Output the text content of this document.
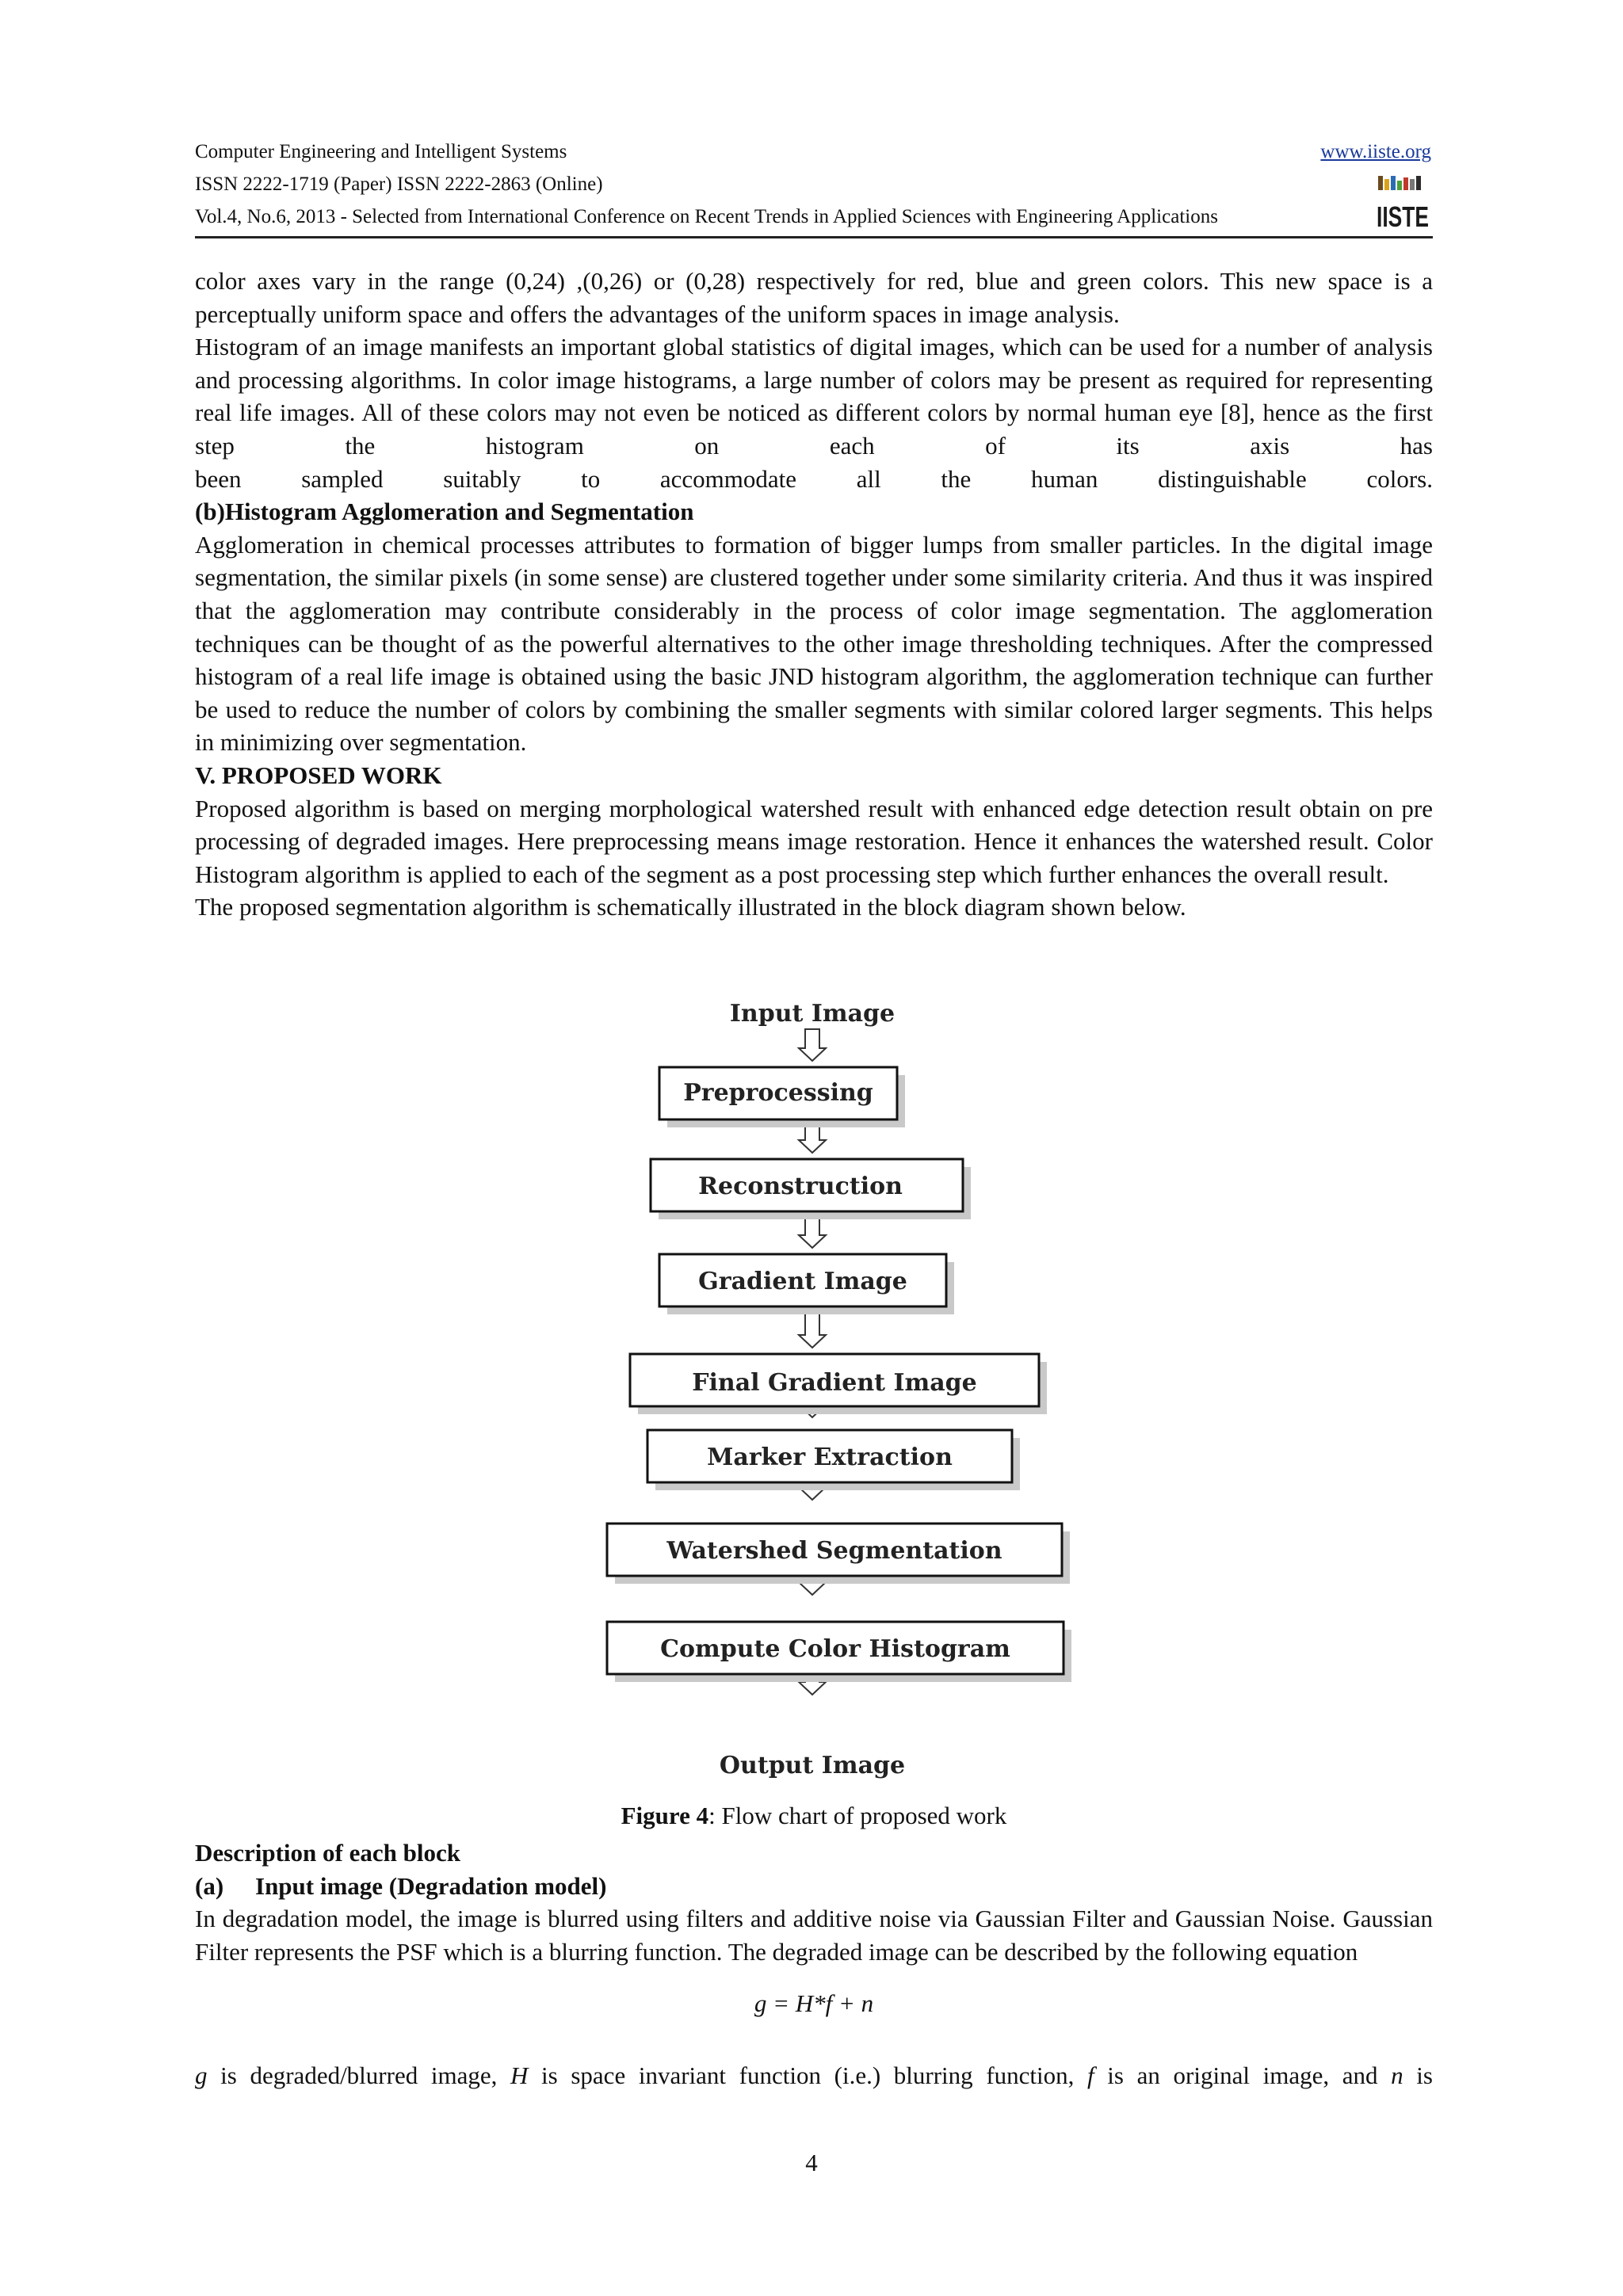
Computer Engineering and Intelligent Systems	www.iiste.org
ISSN 2222-1719 (Paper) ISSN 2222-2863 (Online)
Vol.4, No.6, 2013 - Selected from International Conference on Recent Trends in Applied Sciences with Engineering Applications	IISTE

color axes vary in the range (0,24) ,(0,26) or (0,28) respectively for red, blue and green colors. This new space is a perceptually uniform space and offers the advantages of the uniform spaces in image analysis.

Histogram of an image manifests an important global statistics of digital images, which can be used for a number of analysis and processing algorithms. In color image histograms, a large number of colors may be present as required for representing real life images. All of these colors may not even be noticed as different colors by normal human eye [8], hence as the first step the histogram on each of its axis has

been sampled suitably to accommodate all the human distinguishable colors.

(b)Histogram Agglomeration and Segmentation

Agglomeration in chemical processes attributes to formation of bigger lumps from smaller particles. In the digital image segmentation, the similar pixels (in some sense) are clustered together under some similarity criteria. And thus it was inspired that the agglomeration may contribute considerably in the process of color image segmentation. The agglomeration techniques can be thought of as the powerful alternatives to the other image thresholding techniques. After the compressed histogram of a real life image is obtained using the basic JND histogram algorithm, the agglomeration technique can further be used to reduce the number of colors by combining the smaller segments with similar colored larger segments. This helps in minimizing over segmentation.

V. PROPOSED WORK

Proposed algorithm is based on merging morphological watershed result with enhanced edge detection result obtain on pre processing of degraded images. Here preprocessing means image restoration. Hence it enhances the watershed result. Color Histogram algorithm is applied to each of the segment as a post processing step which further enhances the overall result.

The proposed segmentation algorithm is schematically illustrated in the block diagram shown below.

Input Image
Output Image
Preprocessing
Reconstruction
Gradient Image
Final Gradient Image
Marker Extraction
Watershed Segmentation
Compute Color Histogram
Figure 4: Flow chart of proposed work
Description of each block
(a) Input image (Degradation model)

In degradation model, the image is blurred using filters and additive noise via Gaussian Filter and Gaussian Noise. Gaussian Filter represents the PSF which is a blurring function. The degraded image can be described by the following equation

g = H*f + n
g is degraded/blurred image, H is space invariant function (i.e.) blurring function, f is an original image, and n is
4
